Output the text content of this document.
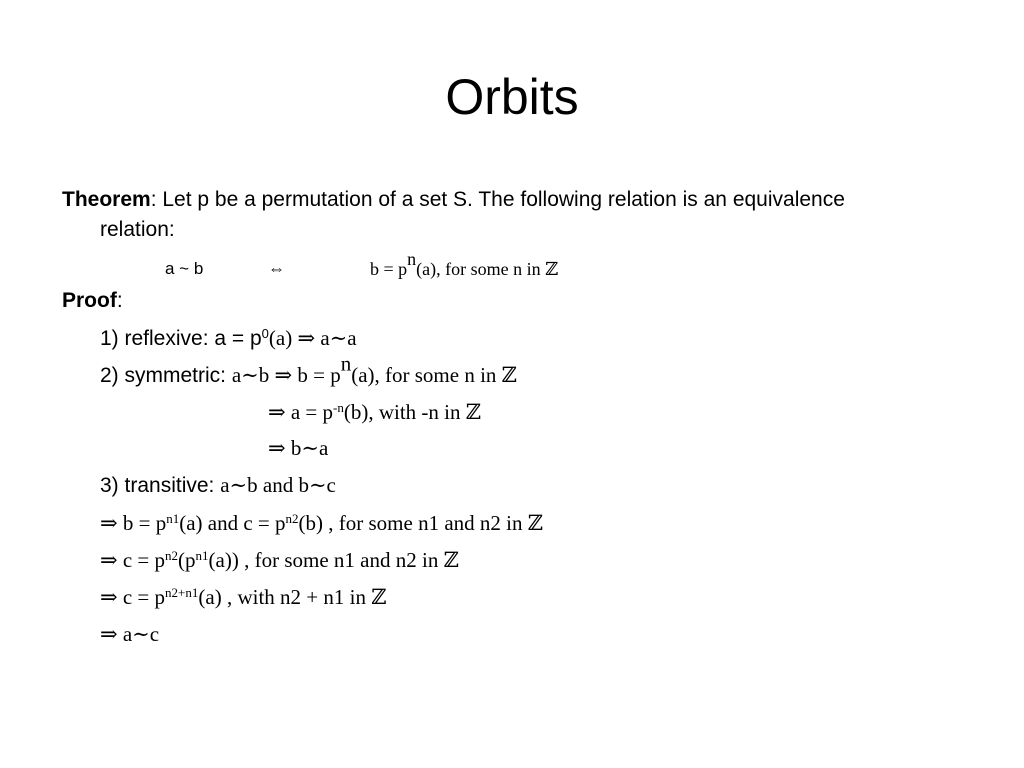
Orbits
Theorem: Let p be a permutation of a set S. The following relation is an equivalence
relation:
a ~ b	⇔	$b = p^n(a)$, for some n in ℤ
Proof:
1) reflexive: $a = p^0(a)$ ⇒ a∼a
2) symmetric: a∼b ⇒ $b = p^n(a)$, for some n in ℤ
⇒ $a = p^{-n}(b)$, with -n in ℤ
⇒ b∼a
3) transitive: a∼b and b∼c
⇒ $b = p^{n1}(a)$ and $c = p^{n2}(b)$ , for some n1 and n2 in ℤ
⇒ $c = p^{n2}(p^{n1}(a))$ , for some n1 and n2 in ℤ
⇒ $c = p^{n2+n1}(a)$ , with n2 + n1 in ℤ
⇒ a∼c
